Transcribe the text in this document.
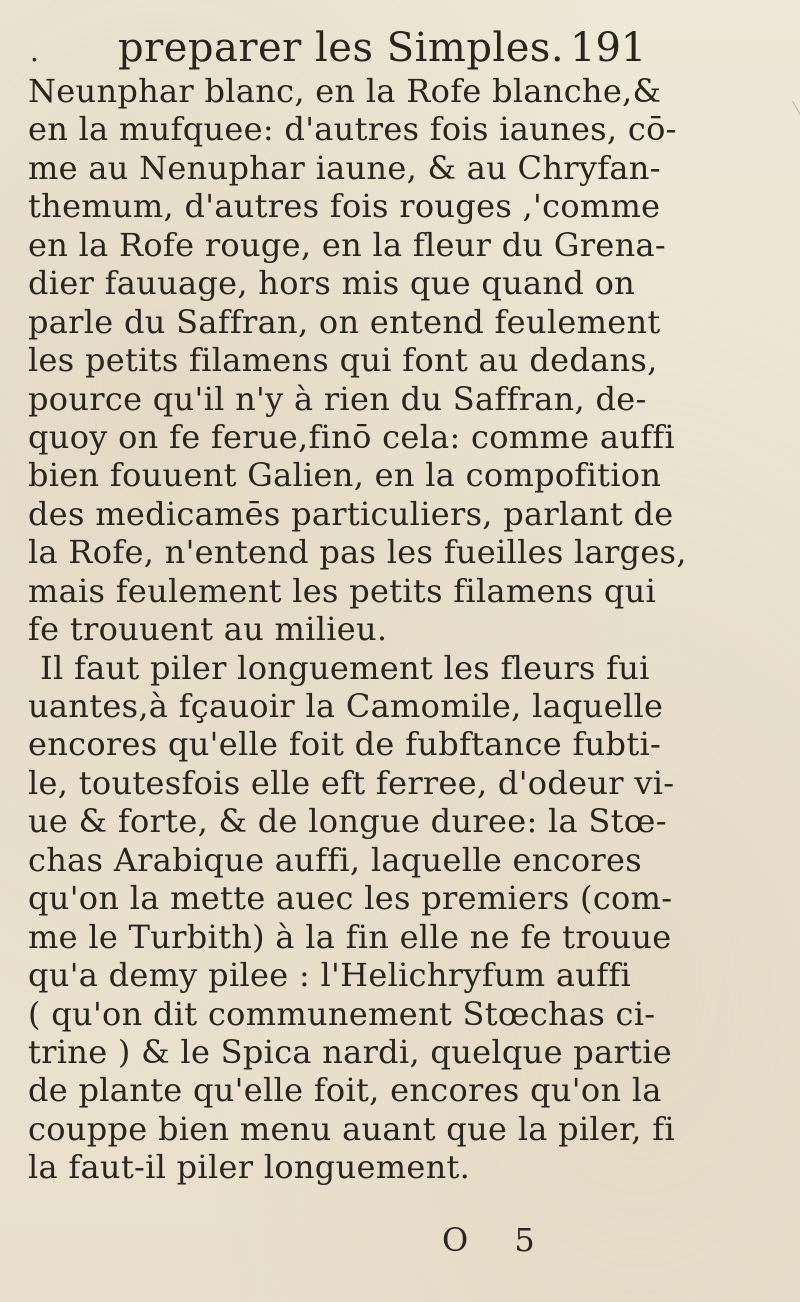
. preparer les Simples. 191
Neunphar blanc, en la Rofe blanche,&
en la mufquee: d'autres fois iaunes, cō-
me au Nenuphar iaune, & au Chryfan-
themum, d'autres fois rouges ,'comme
en la Rofe rouge, en la fleur du Grena-
dier fauuage, hors mis que quand on
parle du Saffran, on entend feulement
les petits filamens qui font au dedans,
pource qu'il n'y à rien du Saffran, de-
quoy on fe ferue,finō cela: comme auffi
bien fouuent Galien, en la compofition
des medicamēs particuliers, parlant de
la Rofe, n'entend pas les fueilles larges,
mais feulement les petits filamens qui
fe trouuent au milieu.
Il faut piler longuement les fleurs fui
uantes,à fçauoir la Camomile, laquelle
encores qu'elle foit de fubftance fubti-
le, toutesfois elle eft ferree, d'odeur vi-
ue & forte, & de longue duree: la Stœ-
chas Arabique auffi, laquelle encores
qu'on la mette auec les premiers (com-
me le Turbith) à la fin elle ne fe trouue
qu'a demy pilee : l'Helichryfum auffi
( qu'on dit communement Stœchas ci-
trine ) & le Spica nardi, quelque partie
de plante qu'elle foit, encores qu'on la
couppe bien menu auant que la piler, fi
la faut-il piler longuement.
O 5
